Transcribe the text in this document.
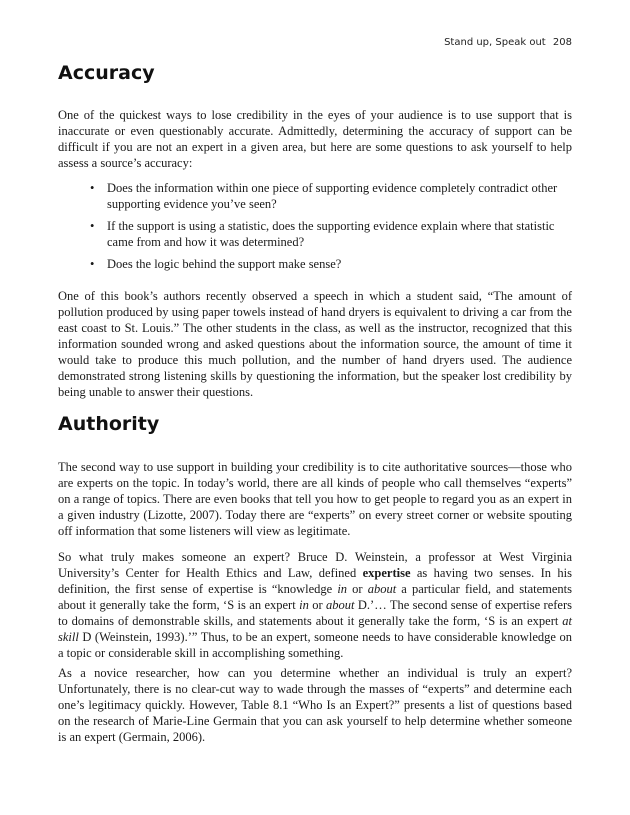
Stand up, Speak out 208
Accuracy

One of the quickest ways to lose credibility in the eyes of your audience is to use support that is inaccurate or even questionably accurate. Admittedly, determining the accuracy of support can be difficult if you are not an expert in a given area, but here are some questions to ask yourself to help assess a source’s accuracy:

• Does the information within one piece of supporting evidence completely contradict other supporting evidence you’ve seen?
• If the support is using a statistic, does the supporting evidence explain where that statistic came from and how it was determined?
• Does the logic behind the support make sense?

One of this book’s authors recently observed a speech in which a student said, “The amount of pollution produced by using paper towels instead of hand dryers is equivalent to driving a car from the east coast to St. Louis.” The other students in the class, as well as the instructor, recognized that this information sounded wrong and asked questions about the information source, the amount of time it would take to produce this much pollution, and the number of hand dryers used. The audience demonstrated strong listening skills by questioning the information, but the speaker lost credibility by being unable to answer their questions.

Authority

The second way to use support in building your credibility is to cite authoritative sources—those who are experts on the topic. In today’s world, there are all kinds of people who call themselves “experts” on a range of topics. There are even books that tell you how to get people to regard you as an expert in a given industry (Lizotte, 2007). Today there are “experts” on every street corner or website spouting off information that some listeners will view as legitimate.

So what truly makes someone an expert? Bruce D. Weinstein, a professor at West Virginia University’s Center for Health Ethics and Law, defined expertise as having two senses. In his definition, the first sense of expertise is “knowledge in or about a particular field, and statements about it generally take the form, ‘S is an expert in or about D.’… The second sense of expertise refers to domains of demonstrable skills, and statements about it generally take the form, ‘S is an expert at skill D (Weinstein, 1993).’” Thus, to be an expert, someone needs to have considerable knowledge on a topic or considerable skill in accomplishing something.

As a novice researcher, how can you determine whether an individual is truly an expert? Unfortunately, there is no clear-cut way to wade through the masses of “experts” and determine each one’s legitimacy quickly. However, Table 8.1 “Who Is an Expert?” presents a list of questions based on the research of Marie-Line Germain that you can ask yourself to help determine whether someone is an expert (Germain, 2006).
